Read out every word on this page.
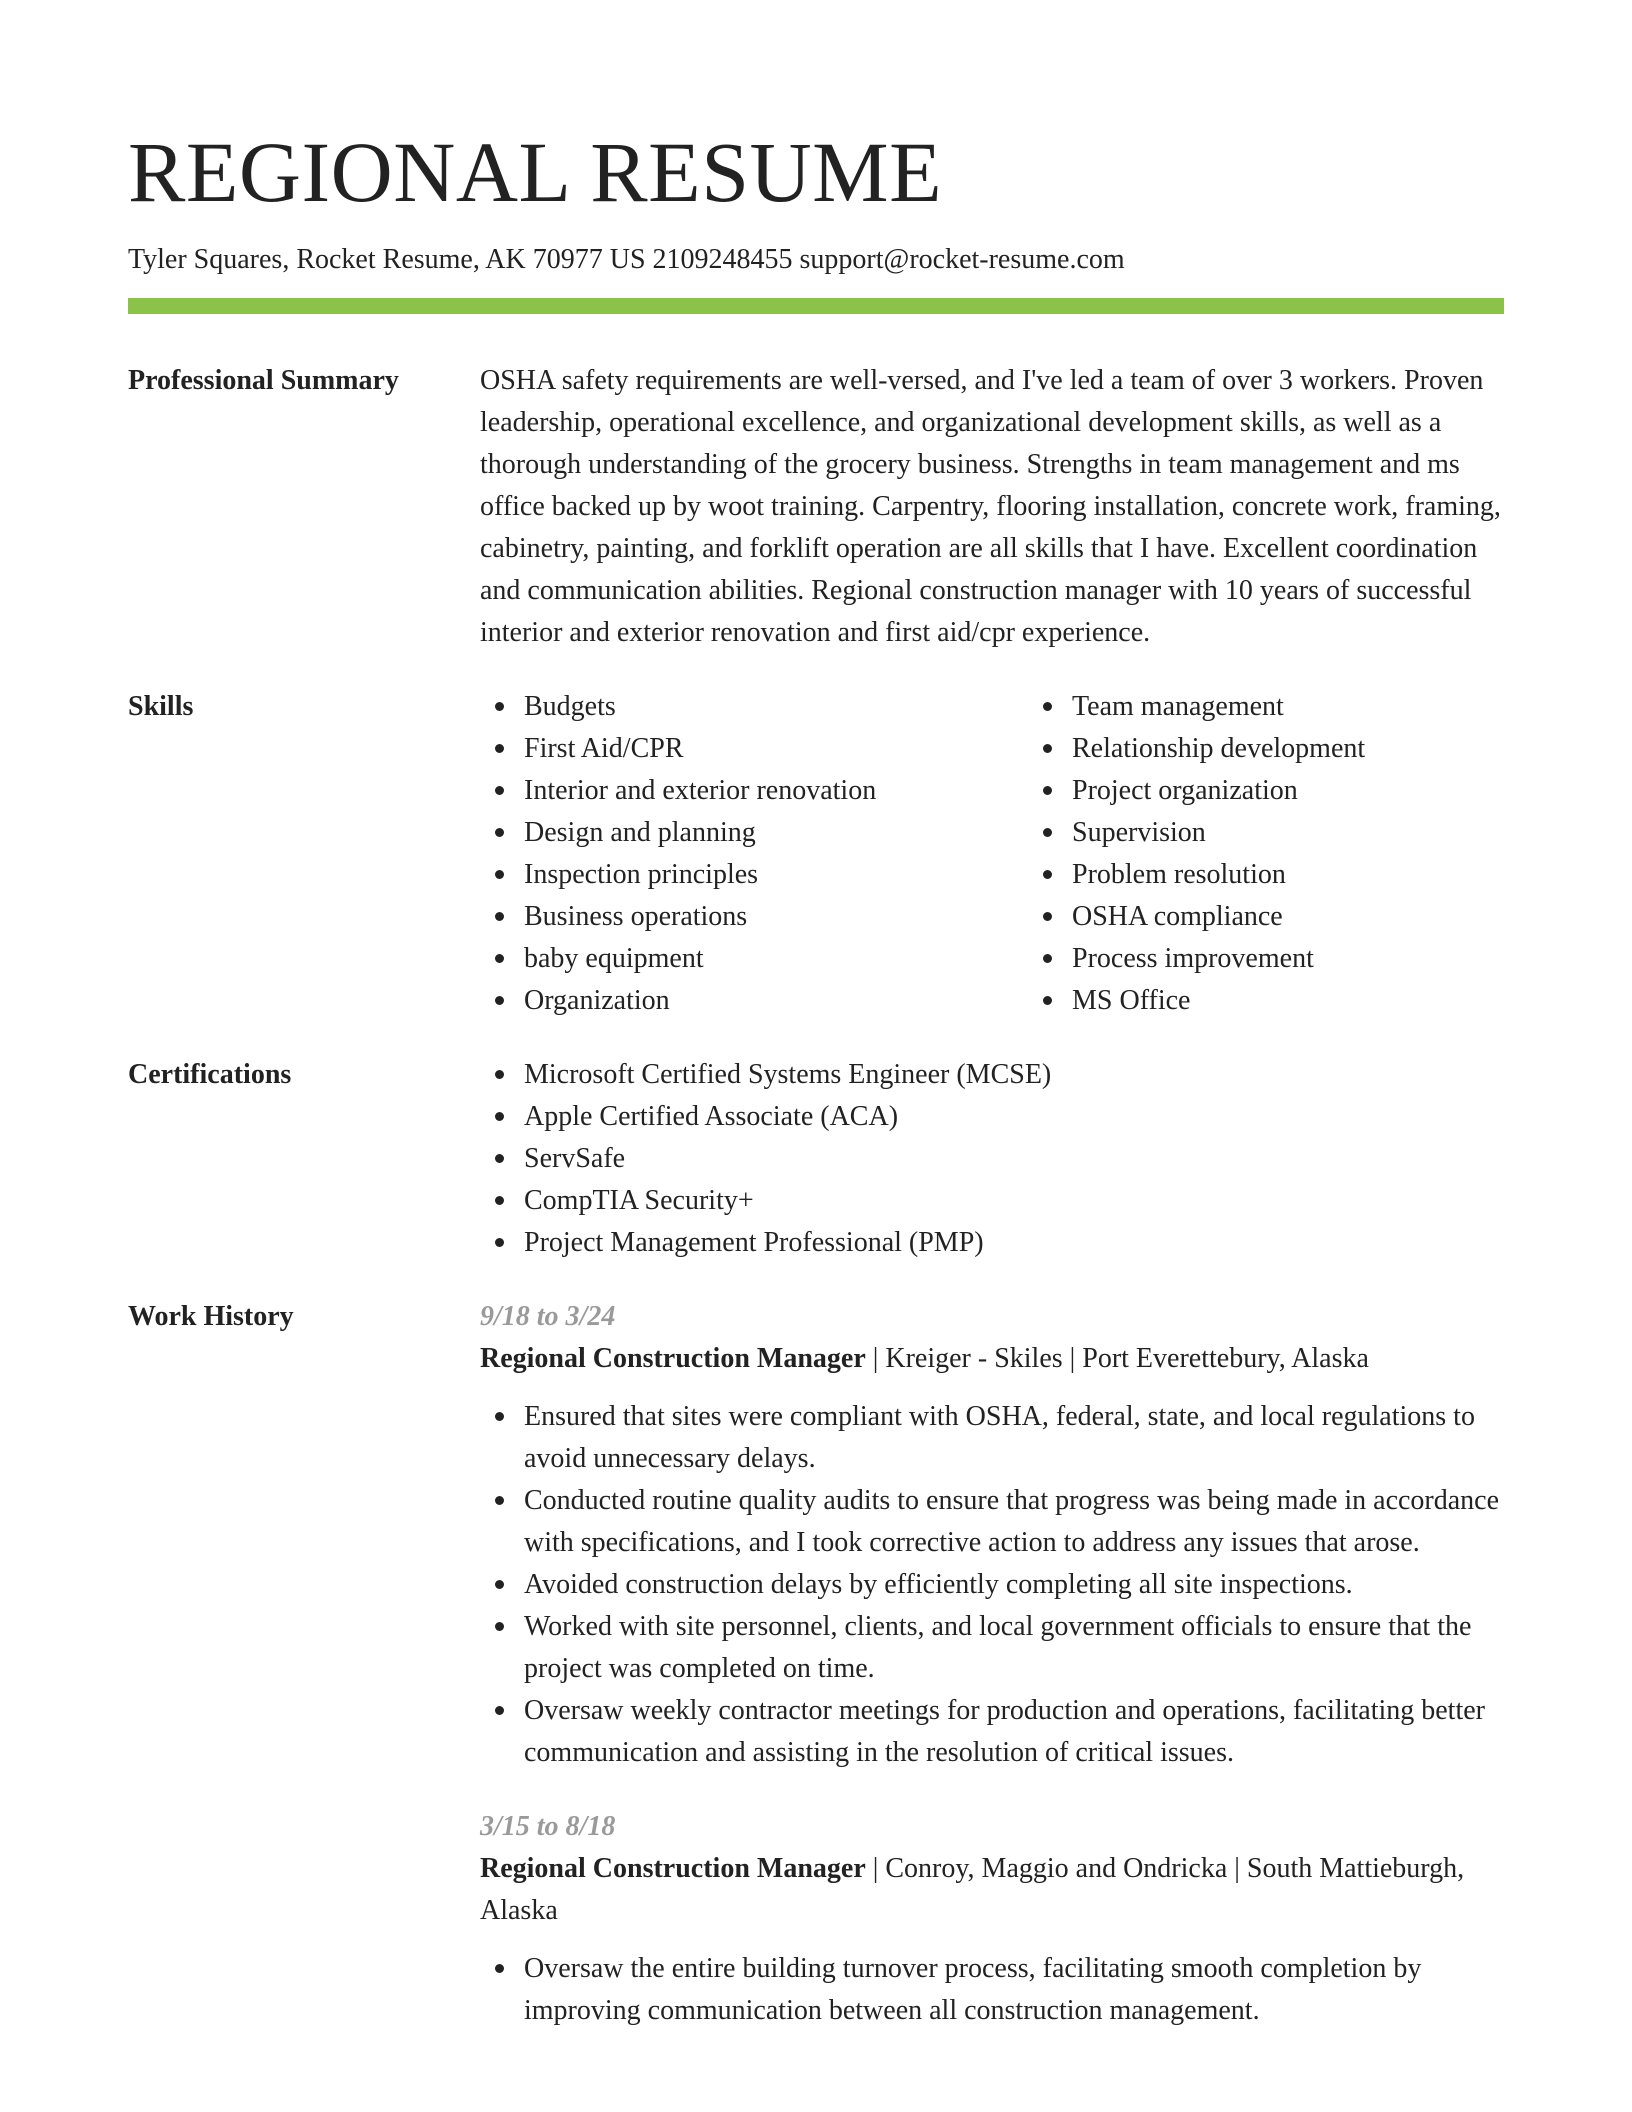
REGIONAL RESUME
Tyler Squares, Rocket Resume, AK 70977 US 2109248455 support@rocket-resume.com
Professional Summary	OSHA safety requirements are well-versed, and I've led a team of over 3 workers. Proven leadership, operational excellence, and organizational development skills, as well as a thorough understanding of the grocery business. Strengths in team management and ms office backed up by woot training. Carpentry, flooring installation, concrete work, framing, cabinetry, painting, and forklift operation are all skills that I have. Excellent coordination and communication abilities. Regional construction manager with 10 years of successful interior and exterior renovation and first aid/cpr experience.

Skills	Budgets
First Aid/CPR
Interior and exterior renovation
Design and planning
Inspection principles
Business operations
baby equipment
Organization
Team management
Relationship development
Project organization
Supervision
Problem resolution
OSHA compliance
Process improvement
MS Office
Certifications	Microsoft Certified Systems Engineer (MCSE)
Apple Certified Associate (ACA)
ServSafe
CompTIA Security+
Project Management Professional (PMP)
Work History	9/18 to 3/24
Regional Construction Manager | Kreiger - Skiles | Port Everettebury, Alaska
Ensured that sites were compliant with OSHA, federal, state, and local regulations to avoid unnecessary delays.
Conducted routine quality audits to ensure that progress was being made in accordance with specifications, and I took corrective action to address any issues that arose.
Avoided construction delays by efficiently completing all site inspections.
Worked with site personnel, clients, and local government officials to ensure that the project was completed on time.
Oversaw weekly contractor meetings for production and operations, facilitating better communication and assisting in the resolution of critical issues.
3/15 to 8/18
Regional Construction Manager | Conroy, Maggio and Ondricka | South Mattieburgh, Alaska
Oversaw the entire building turnover process, facilitating smooth completion by improving communication between all construction management.
